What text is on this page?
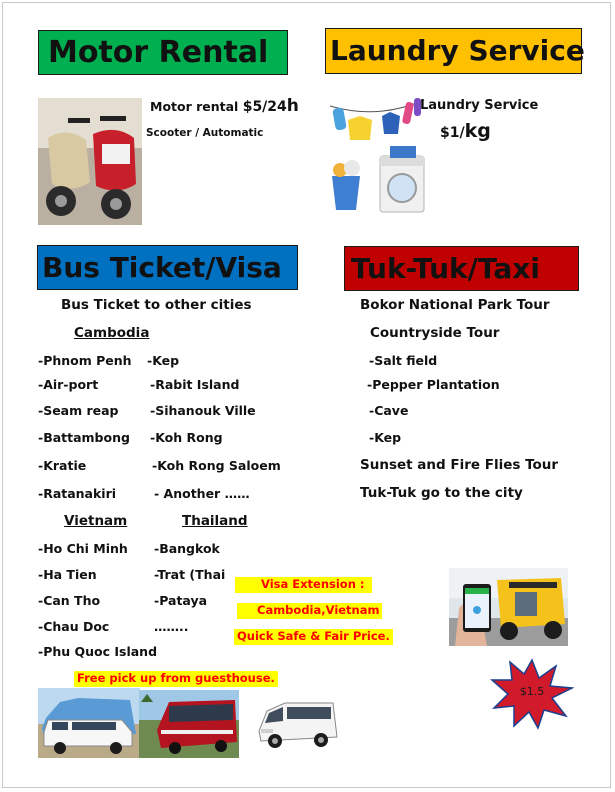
Motor Rental Laundry Service
Bus Ticket/Visa Tuk-Tuk/Taxi
Motor rental $5/24h
Scooter / Automatic
Laundry Service
$1/kg
Bus Ticket to other cities
Cambodia
-Phnom Penh
-Air-port
-Seam reap
-Battambong
-Kratie
-Ratanakiri
-Kep
-Rabit Island
-Sihanouk Ville
-Koh Rong
-Koh Rong Saloem
- Another ……
Vietnam	Thailand
-Ho Chi Minh
-Ha Tien
-Can Tho
-Chau Doc
-Phu Quoc Island
-Bangkok
-Trat (Thai
-Pataya
……..
Visa Extension :
Cambodia,Vietnam
Quick Safe & Fair Price.
Bokor National Park Tour
Countryside Tour
-Salt field
-Pepper Plantation
-Cave
-Kep
Sunset and Fire Flies Tour
Tuk-Tuk go to the city
$1.5
Free pick up from guesthouse.
